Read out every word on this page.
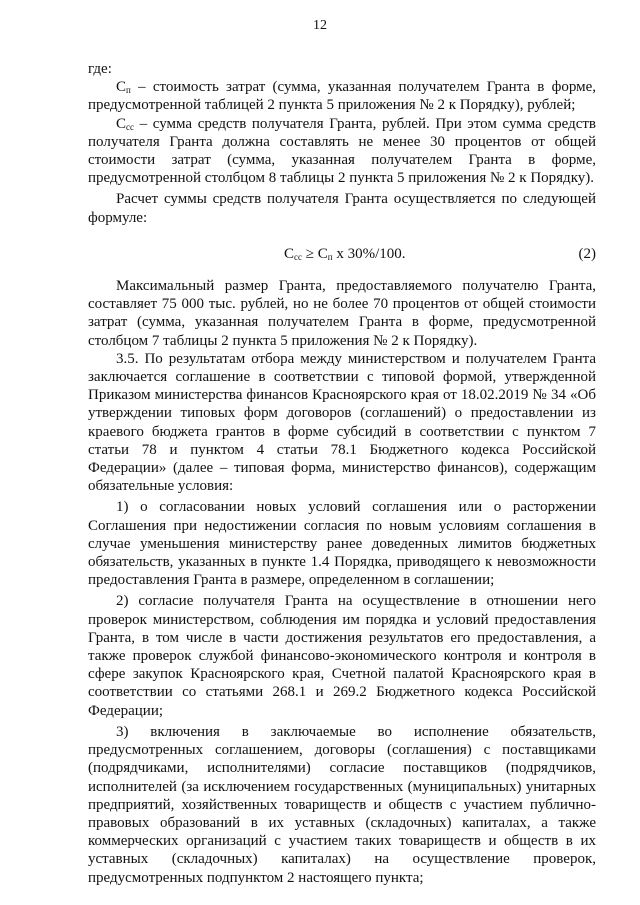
12

где:

$С_п$ – стоимость затрат (сумма, указанная получателем Гранта в форме, предусмотренной таблицей 2 пункта 5 приложения № 2 к Порядку), рублей;

$С_{сс}$ – сумма средств получателя Гранта, рублей. При этом сумма средств получателя Гранта должна составлять не менее 30 процентов от общей стоимости затрат (сумма, указанная получателем Гранта в форме, предусмотренной столбцом 8 таблицы 2 пункта 5 приложения № 2 к Порядку).

Расчет суммы средств получателя Гранта осуществляется по следующей формуле:

$С_{сс} \ge С_п$ х 30%/100.	(2)

Максимальный размер Гранта, предоставляемого получателю Гранта, составляет 75 000 тыс. рублей, но не более 70 процентов от общей стоимости затрат (сумма, указанная получателем Гранта в форме, предусмотренной столбцом 7 таблицы 2 пункта 5 приложения № 2 к Порядку).

3.5. По результатам отбора между министерством и получателем Гранта заключается соглашение в соответствии с типовой формой, утвержденной Приказом министерства финансов Красноярского края от 18.02.2019 № 34 «Об утверждении типовых форм договоров (соглашений) о предоставлении из краевого бюджета грантов в форме субсидий в соответствии с пунктом 7 статьи 78 и пунктом 4 статьи 78.1 Бюджетного кодекса Российской Федерации» (далее – типовая форма, министерство финансов), содержащим обязательные условия:

1) о согласовании новых условий соглашения или о расторжении Соглашения при недостижении согласия по новым условиям соглашения в случае уменьшения министерству ранее доведенных лимитов бюджетных обязательств, указанных в пункте 1.4 Порядка, приводящего к невозможности предоставления Гранта в размере, определенном в соглашении;

2) согласие получателя Гранта на осуществление в отношении него проверок министерством, соблюдения им порядка и условий предоставления Гранта, в том числе в части достижения результатов его предоставления, а также проверок службой финансово-экономического контроля и контроля в сфере закупок Красноярского края, Счетной палатой Красноярского края в соответствии со статьями 268.1 и 269.2 Бюджетного кодекса Российской Федерации;

3) включения в заключаемые во исполнение обязательств, предусмотренных соглашением, договоры (соглашения) с поставщиками (подрядчиками, исполнителями) согласие поставщиков (подрядчиков, исполнителей (за исключением государственных (муниципальных) унитарных предприятий, хозяйственных товариществ и обществ с участием публично-правовых образований в их уставных (складочных) капиталах, а также коммерческих организаций с участием таких товариществ и обществ в их уставных (складочных) капиталах) на осуществление проверок, предусмотренных подпунктом 2 настоящего пункта;
